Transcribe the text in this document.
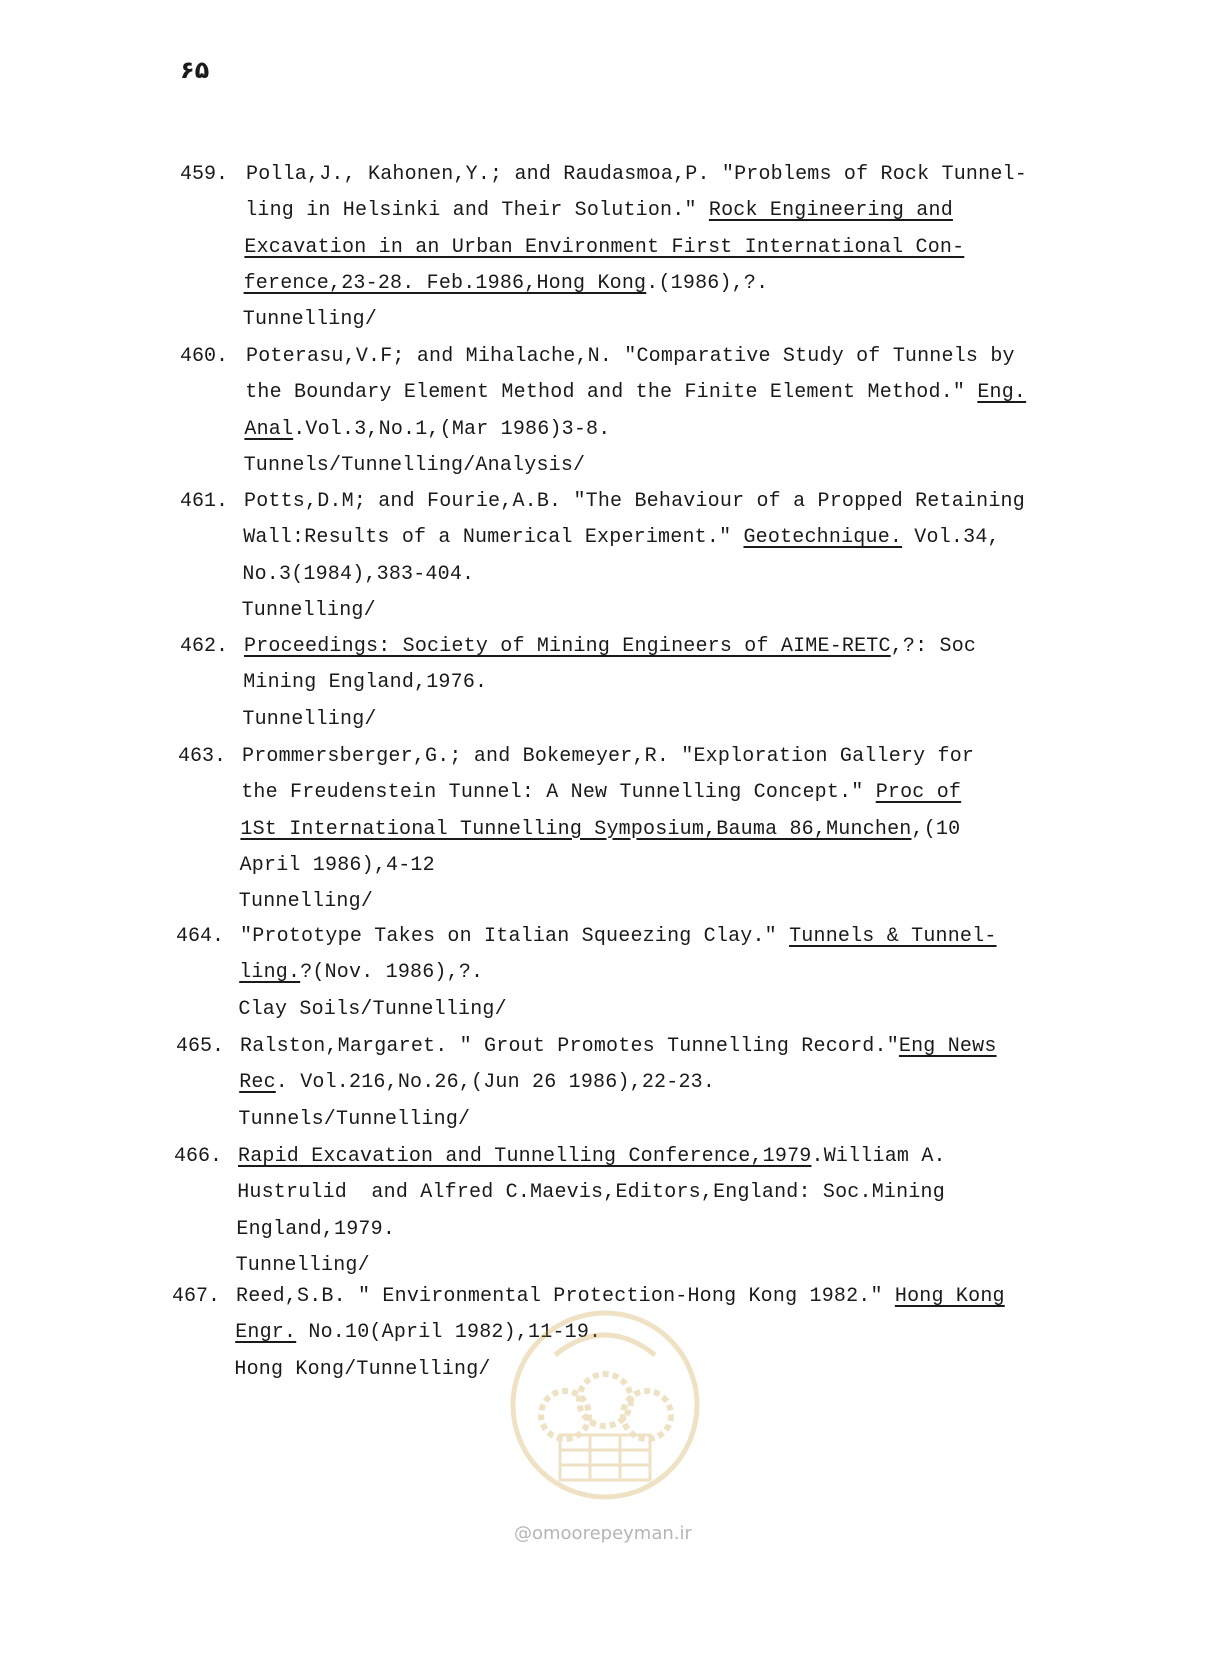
۶۵
459. Polla,J., Kahonen,Y.; and Raudasmoa,P. "Problems of Rock Tunnel-
ling in Helsinki and Their Solution." Rock Engineering and
Excavation in an Urban Environment First International Con-
ference,23-28. Feb.1986,Hong Kong.(1986),?.
Tunnelling/
460. Poterasu,V.F; and Mihalache,N. "Comparative Study of Tunnels by
the Boundary Element Method and the Finite Element Method." Eng.
Anal.Vol.3,No.1,(Mar 1986)3-8.
Tunnels/Tunnelling/Analysis/
461. Potts,D.M; and Fourie,A.B. "The Behaviour of a Propped Retaining
Wall:Results of a Numerical Experiment." Geotechnique. Vol.34,
No.3(1984),383-404.
Tunnelling/
462. Proceedings: Society of Mining Engineers of AIME-RETC,?: Soc
Mining England,1976.
Tunnelling/
463. Prommersberger,G.; and Bokemeyer,R. "Exploration Gallery for
the Freudenstein Tunnel: A New Tunnelling Concept." Proc of
1St International Tunnelling Symposium,Bauma 86,Munchen,(10
April 1986),4-12
Tunnelling/
464. "Prototype Takes on Italian Squeezing Clay." Tunnels & Tunnel-
ling.?(Nov. 1986),?.
Clay Soils/Tunnelling/
465. Ralston,Margaret. " Grout Promotes Tunnelling Record."Eng News
Rec. Vol.216,No.26,(Jun 26 1986),22-23.
Tunnels/Tunnelling/
466. Rapid Excavation and Tunnelling Conference,1979.William A.
Hustrulid  and Alfred C.Maevis,Editors,England: Soc.Mining
England,1979.
Tunnelling/
467. Reed,S.B. " Environmental Protection-Hong Kong 1982." Hong Kong
Engr. No.10(April 1982),11-19.
Hong Kong/Tunnelling/
@omoorepeyman.ir
